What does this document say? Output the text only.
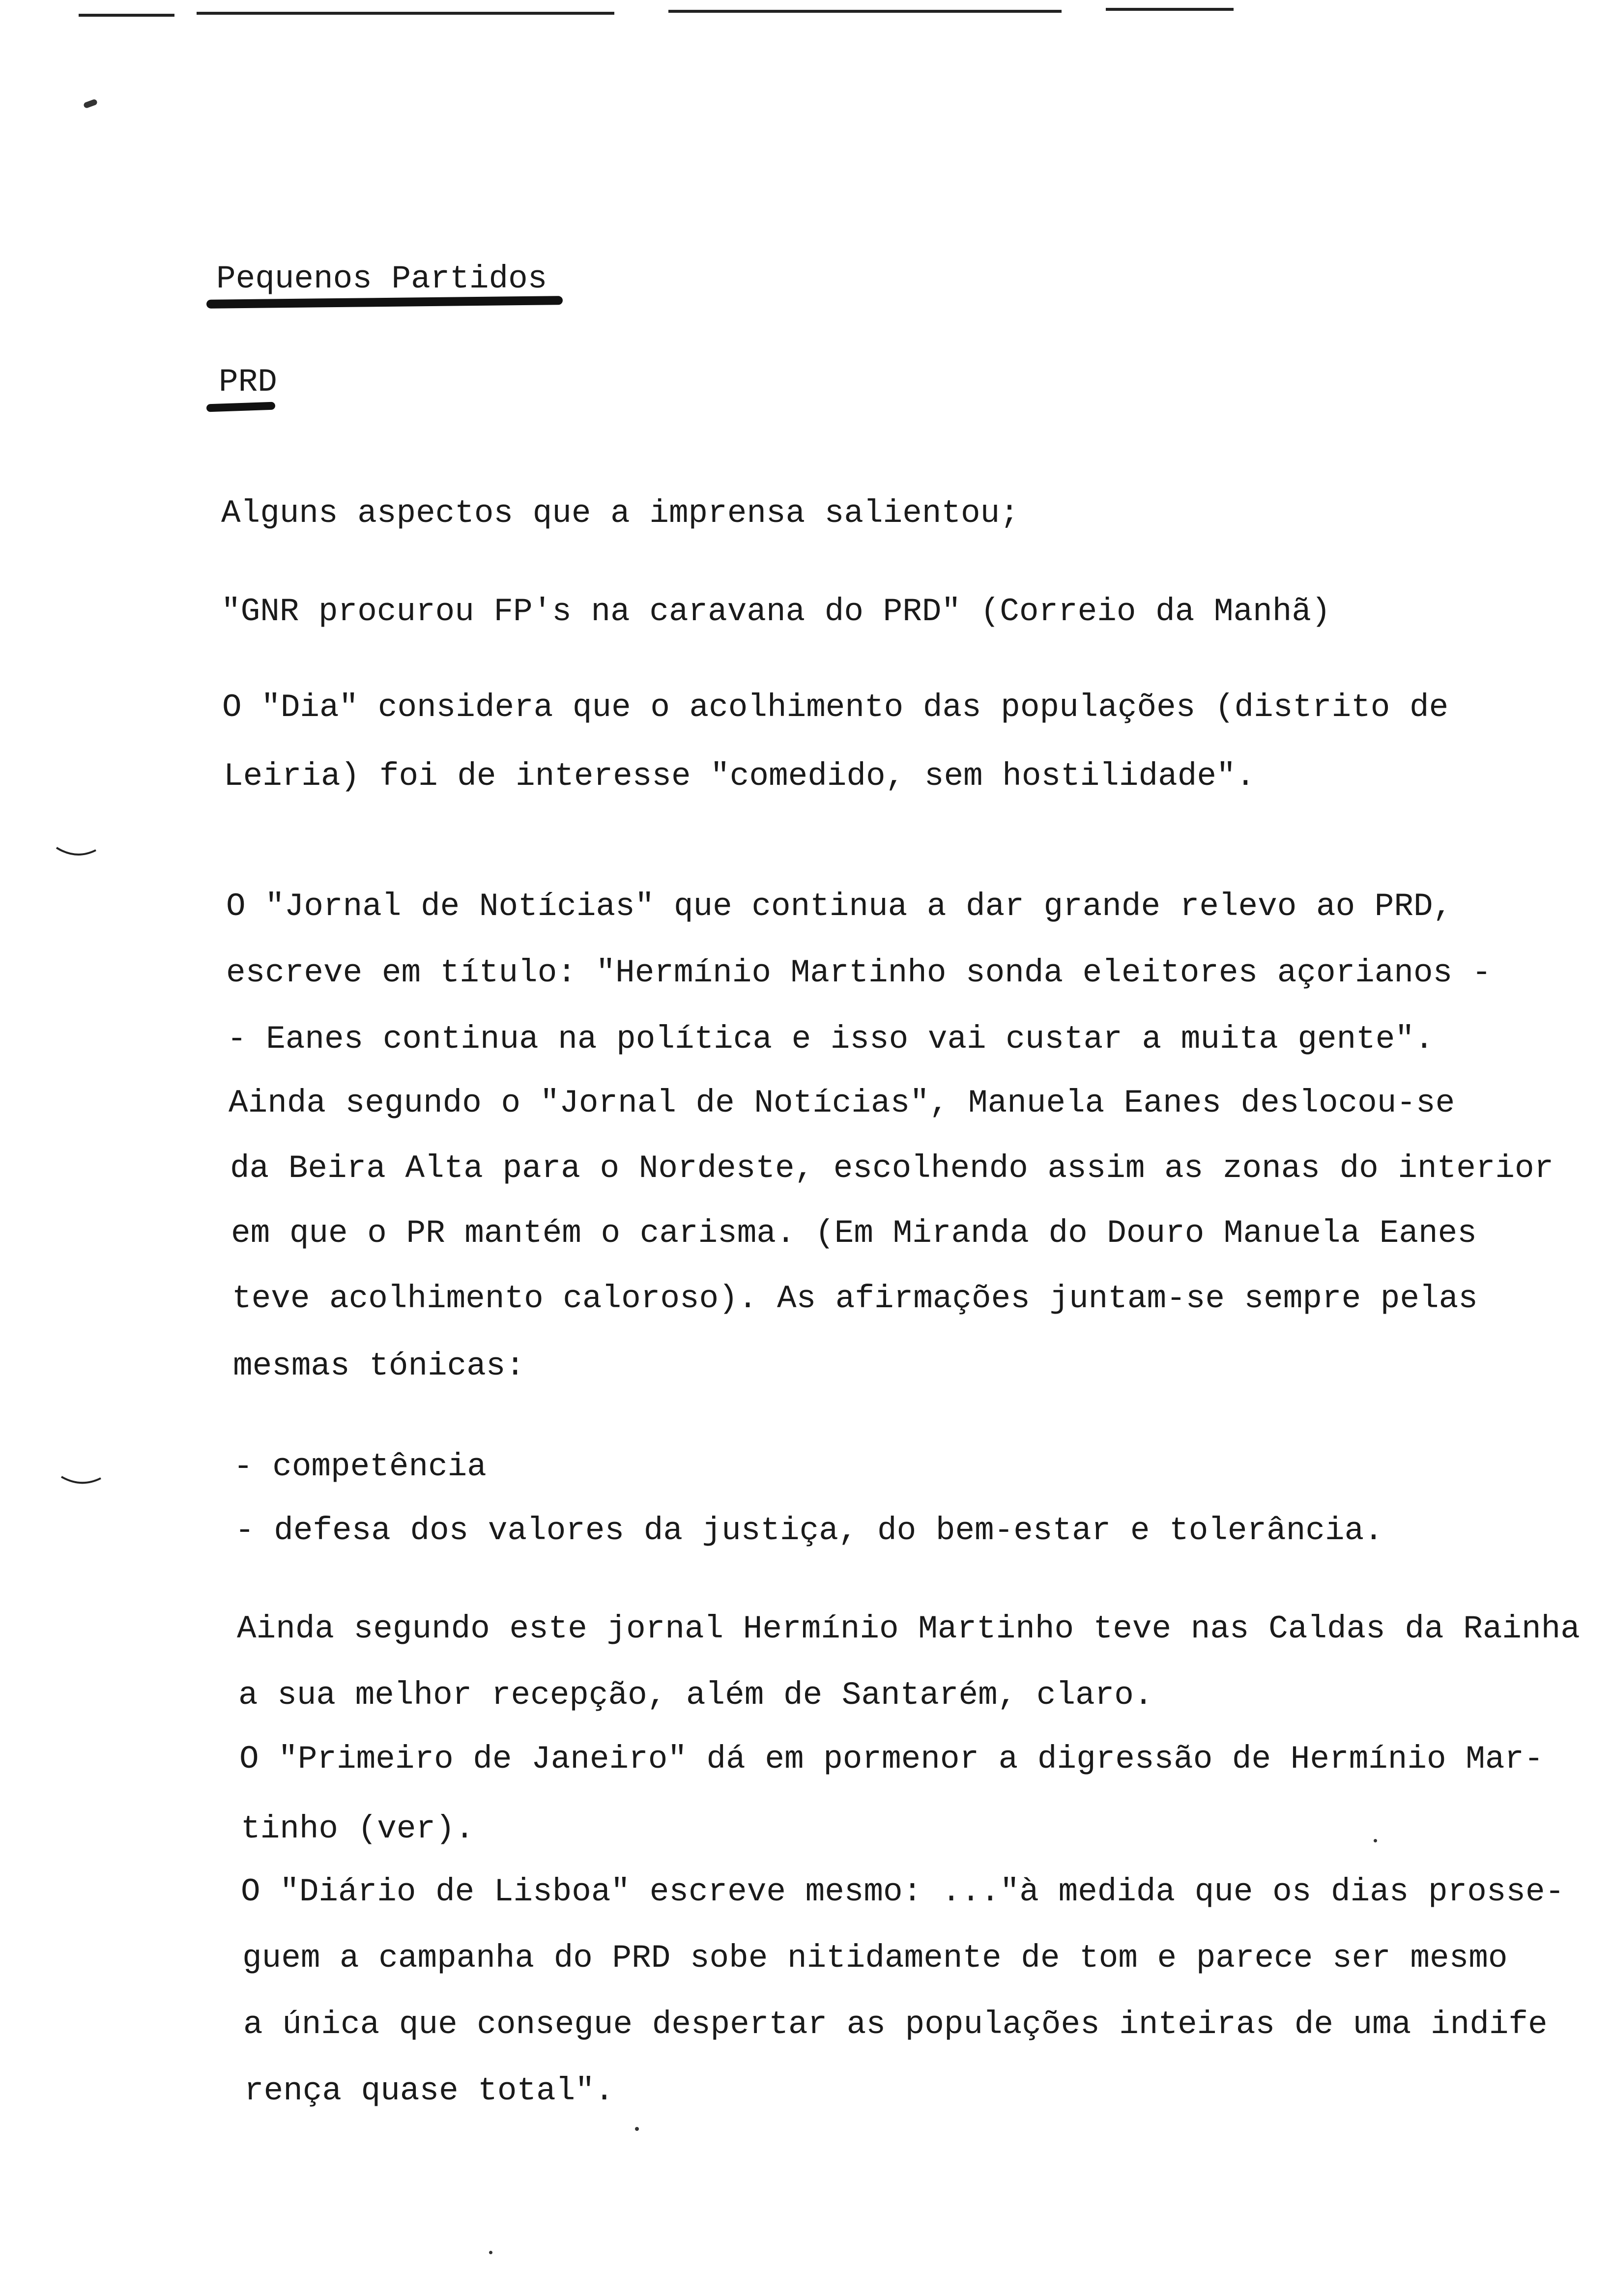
Pequenos Partidos
PRD
Alguns aspectos que a imprensa salientou;
"GNR procurou FP's na caravana do PRD" (Correio da Manhã)
O "Dia" considera que o acolhimento das populações (distrito de
Leiria) foi de interesse "comedido, sem hostilidade".
O "Jornal de Notícias" que continua a dar grande relevo ao PRD,
escreve em título: "Hermínio Martinho sonda eleitores açorianos -
- Eanes continua na política e isso vai custar a muita gente".
Ainda segundo o "Jornal de Notícias", Manuela Eanes deslocou-se
da Beira Alta para o Nordeste, escolhendo assim as zonas do interior
em que o PR mantém o carisma. (Em Miranda do Douro Manuela Eanes
teve acolhimento caloroso). As afirmações juntam-se sempre pelas
mesmas tónicas:
- competência
- defesa dos valores da justiça, do bem-estar e tolerância.
Ainda segundo este jornal Hermínio Martinho teve nas Caldas da Rainha
a sua melhor recepção, além de Santarém, claro.
O "Primeiro de Janeiro" dá em pormenor a digressão de Hermínio Mar-
tinho (ver).
O "Diário de Lisboa" escreve mesmo: ..."à medida que os dias prosse-
guem a campanha do PRD sobe nitidamente de tom e parece ser mesmo
a única que consegue despertar as populações inteiras de uma indife
rença quase total".
